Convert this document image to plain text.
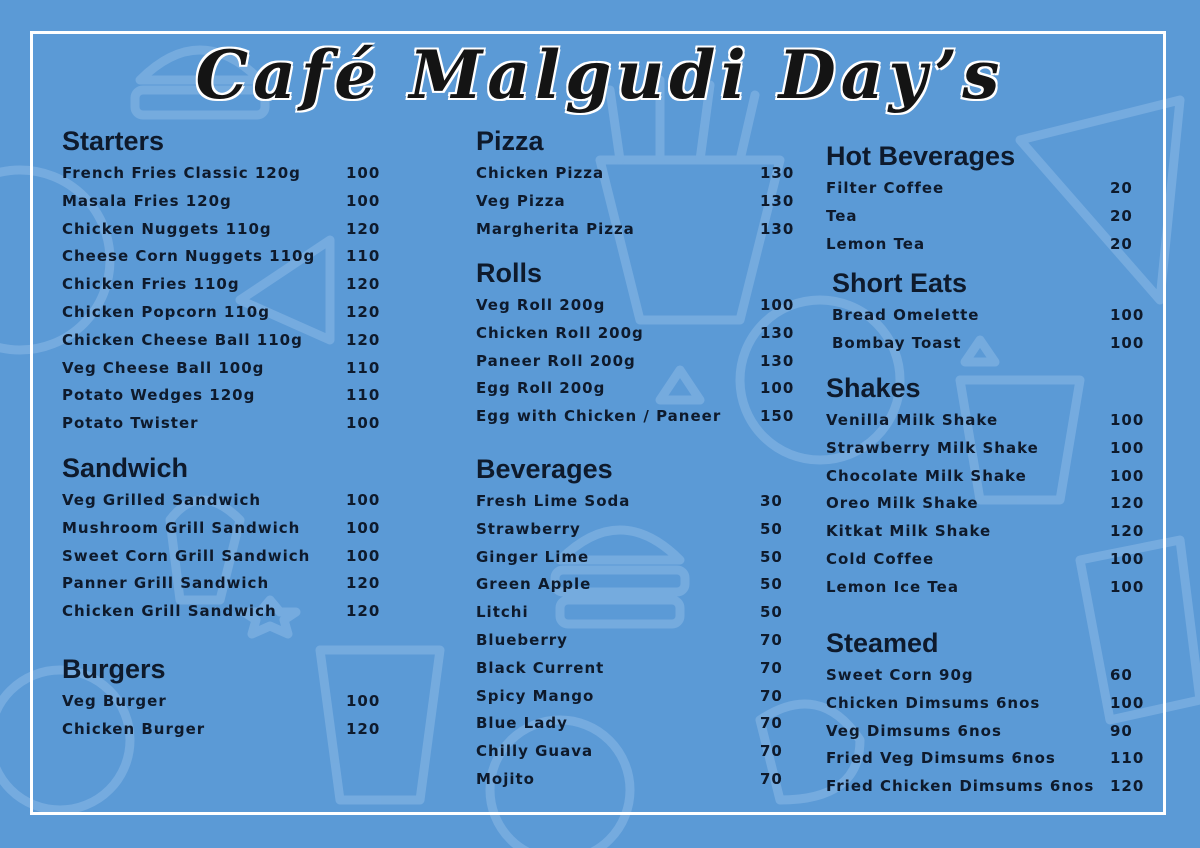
Café Malgudi Day’s
Starters
French Fries Classic 120g	100
Masala Fries 120g	100
Chicken Nuggets 110g	120
Cheese Corn Nuggets 110g 110
Chicken Fries 110g	120
Chicken Popcorn 110g	120
Chicken Cheese Ball 110g	120
Veg Cheese Ball 100g	110
Potato Wedges 120g	110
Potato Twister	100
Sandwich
Veg Grilled Sandwich	100
Mushroom Grill Sandwich	100
Sweet Corn Grill Sandwich 100
Panner Grill Sandwich	120
Chicken Grill Sandwich	120
Burgers
Veg Burger	100
Chicken Burger	120
Pizza
Chicken Pizza	130
Veg Pizza	130
Margherita Pizza	130
Rolls
Veg Roll 200g	100
Chicken Roll 200g	130
Paneer Roll 200g	130
Egg Roll 200g	100
Egg with Chicken / Paneer	150
Beverages
Fresh Lime Soda	30
Strawberry	50
Ginger Lime	50
Green Apple	50
Litchi	50
Blueberry	70
Black Current	70
Spicy Mango	70
Blue Lady	70
Chilly Guava	70
Mojito	70
Hot Beverages
Filter Coffee	20
Tea	20
Lemon Tea	20
Short Eats
Bread Omelette	100
Bombay Toast	100
Shakes
Venilla Milk Shake	100
Strawberry Milk Shake	100
Chocolate Milk Shake	100
Oreo Milk Shake	120
Kitkat Milk Shake	120
Cold Coffee	100
Lemon Ice Tea	100
Steamed
Sweet Corn 90g	60
Chicken Dimsums 6nos	100
Veg Dimsums 6nos	90
Fried Veg Dimsums 6nos	110
Fried Chicken Dimsums 6nos 120
